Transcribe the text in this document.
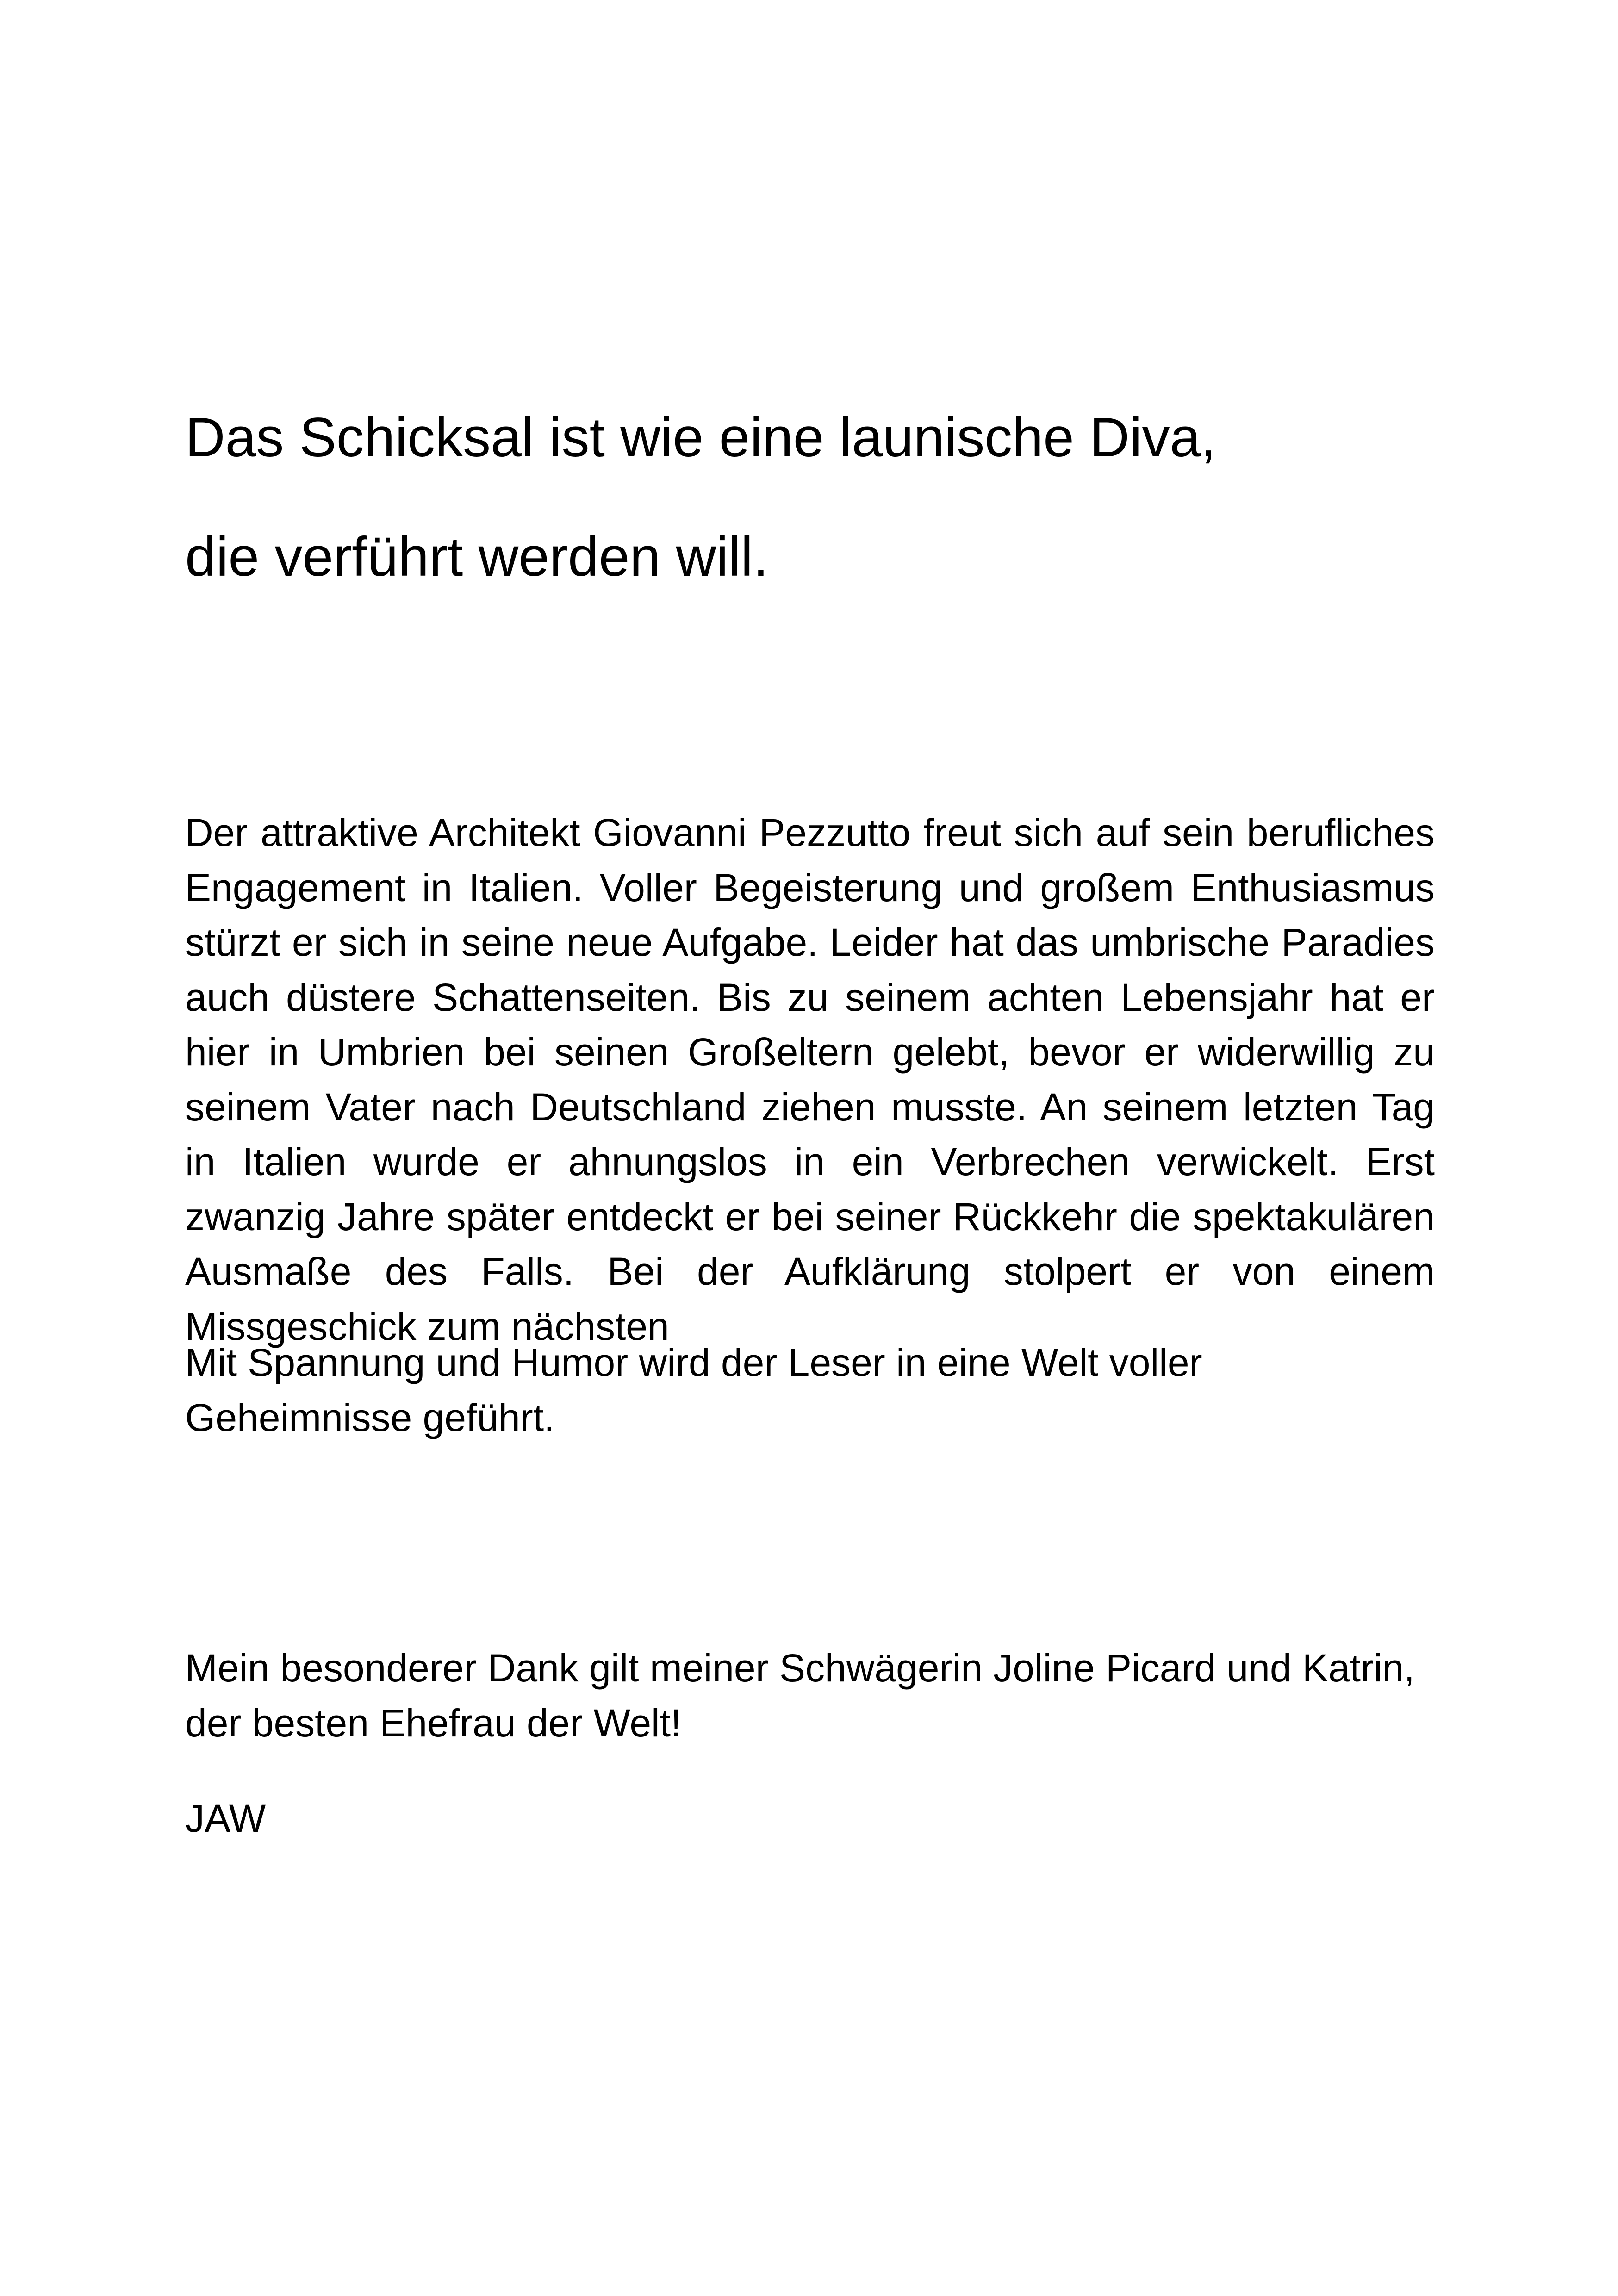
Das Schicksal ist wie eine launische Diva,
die verführt werden will.

Der attraktive Architekt Giovanni Pezzutto freut sich auf sein berufliches Engagement in Italien. Voller Begeisterung und großem Enthusiasmus stürzt er sich in seine neue Aufgabe. Leider hat das umbrische Paradies auch düstere Schattenseiten. Bis zu seinem achten Lebensjahr hat er hier in Umbrien bei seinen Großeltern gelebt, bevor er widerwillig zu seinem Vater nach Deutschland ziehen musste. An seinem letzten Tag in Italien wurde er ahnungslos in ein Verbrechen verwickelt. Erst zwanzig Jahre später entdeckt er bei seiner Rückkehr die spektakulären Ausmaße des Falls. Bei der Aufklärung stolpert er von einem Missgeschick zum nächsten

Mit Spannung und Humor wird der Leser in eine Welt voller Geheimnisse geführt.

Mein besonderer Dank gilt meiner Schwägerin Joline Picard und Katrin, der besten Ehefrau der Welt!

JAW
